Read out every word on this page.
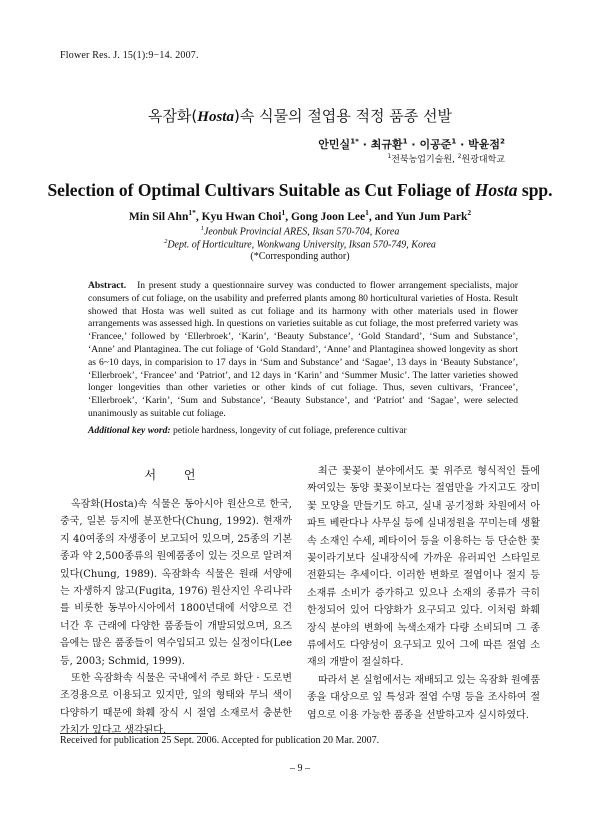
Flower Res. J. 15(1):9−14. 2007.
옥잠화(Hosta)속 식물의 절엽용 적정 품종 선발
안민실$^{1*}$ · 최규환$^1$ · 이공준$^1$ · 박윤점$^2$
$^1$전북농업기술원, $^2$원광대학교
Selection of Optimal Cultivars Suitable as Cut Foliage of Hosta spp.
Min Sil Ahn$^{1*}$, Kyu Hwan Choi$^1$, Gong Joon Lee$^1$, and Yun Jum Park$^2$
$^1$Jeonbuk Provincial ARES, Iksan 570-704, Korea
$^2$Dept. of Horticulture, Wonkwang University, Iksan 570-749, Korea
(*Corresponding author)
Abstract. In present study a questionnaire survey was conducted to flower arrangement specialists, major consumers of cut foliage, on the usability and preferred plants among 80 horticultural varieties of Hosta. Result showed that Hosta was well suited as cut foliage and its harmony with other materials used in flower arrangements was assessed high. In questions on varieties suitable as cut foliage, the most preferred variety was ‘Francee,’ followed by ‘Ellerbroek’, ‘Karin’, ‘Beauty Substance’, ‘Gold Standard’, ‘Sum and Substance’, ‘Anne’ and Plantaginea. The cut foliage of ‘Gold Standard’, ‘Anne’ and Plantaginea showed longevity as short as 6~10 days, in comparision to 17 days in ‘Sum and Substance’ and ‘Sagae’, 13 days in ‘Beauty Substance’, ‘Ellerbroek’, ‘Francee’ and ‘Patriot’, and 12 days in ‘Karin’ and ‘Summer Music’. The latter varieties showed longer longevities than other varieties or other kinds of cut foliage. Thus, seven cultivars, ‘Francee’, ‘Ellerbroek’, ‘Karin’, ‘Sum and Substance’, ‘Beauty Substance’, and ‘Patriot’ and ‘Sagae’, were selected unanimously as suitable cut foliage.
Additional key word: petiole hardness, longevity of cut foliage, preference cultivar
서 언

옥잠화(Hosta)속 식물은 동아시아 원산으로 한국, 중국, 일본 등지에 분포한다(Chung, 1992). 현재까지 40여종의 자생종이 보고되어 있으며, 25종의 기본종과 약 2,500종류의 원예품종이 있는 것으로 알려져 있다(Chung, 1989). 옥잠화속 식물은 원래 서양에는 자생하지 않고(Fugita, 1976) 원산지인 우리나라를 비롯한 동부아시아에서 1800년대에 서양으로 건너간 후 근래에 다양한 품종들이 개발되었으며, 요즈음에는 많은 품종들이 역수입되고 있는 실정이다(Lee 등, 2003; Schmid, 1999).

또한 옥잠화속 식물은 국내에서 주로 화단 · 도로변 조경용으로 이용되고 있지만, 잎의 형태와 무늬 색이 다양하기 때문에 화훼 장식 시 절엽 소재로서 충분한 가치가 있다고 생각된다.

최근 꽃꽂이 분야에서도 꽃 위주로 형식적인 틀에 짜여있는 동양 꽃꽂이보다는 절엽만을 가지고도 장미꽃 모양을 만들기도 하고, 실내 공기정화 차원에서 아파트 베란다나 사무실 등에 실내정원을 꾸미는데 생활속 소재인 수세, 페타이어 등을 이용하는 등 단순한 꽃꽂이라기보다 실내장식에 가까운 유러피언 스타일로 전환되는 추세이다. 이러한 변화로 절엽이나 절지 등 소재류 소비가 증가하고 있으나 소재의 종류가 극히 한정되어 있어 다양화가 요구되고 있다. 이처럼 화훼장식 분야의 변화에 녹색소재가 다량 소비되며 그 종류에서도 다양성이 요구되고 있어 그에 따른 절엽 소재의 개발이 절실하다.

따라서 본 실험에서는 재배되고 있는 옥잠화 원예품종을 대상으로 잎 특성과 절엽 수명 등을 조사하여 절엽으로 이용 가능한 품종을 선발하고자 실시하였다.

Received for publication 25 Sept. 2006. Accepted for publication 20 Mar. 2007.
– 9 –
